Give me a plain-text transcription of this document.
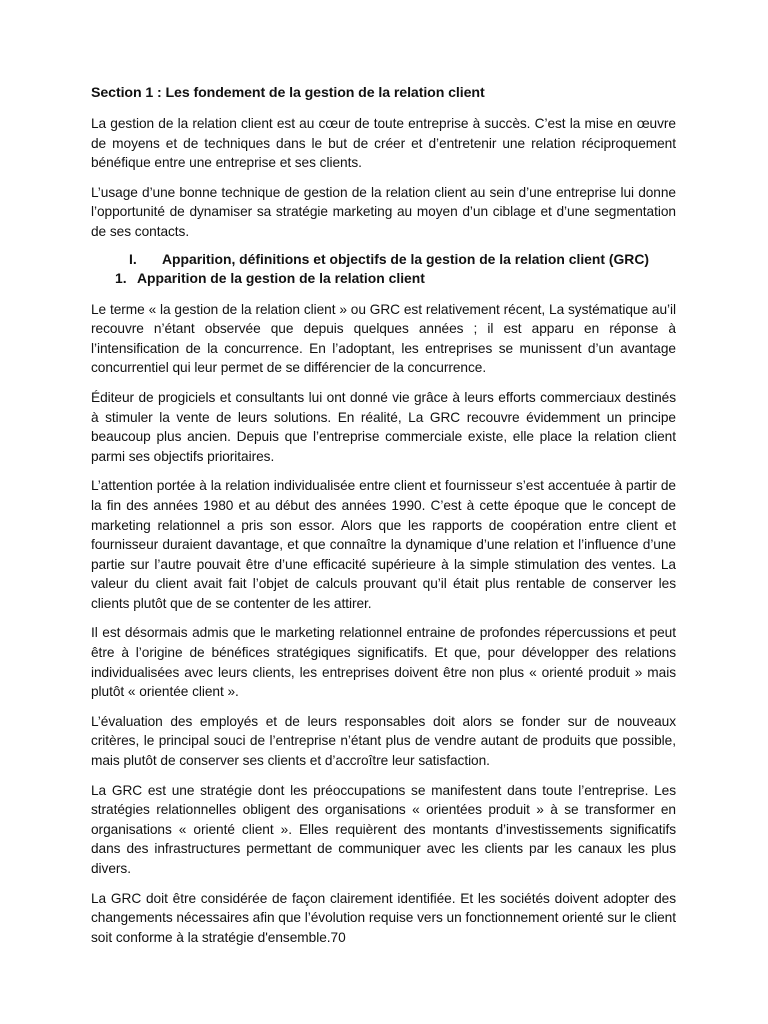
Section 1 : Les fondement de la gestion de la relation client

La gestion de la relation client est au cœur de toute entreprise à succès. C’est la mise en œuvre de moyens et de techniques dans le but de créer et d’entretenir une relation réciproquement bénéfique entre une entreprise et ses clients.

L’usage d’une bonne technique de gestion de la relation client au sein d’une entreprise lui donne l’opportunité de dynamiser sa stratégie marketing au moyen d’un ciblage et d’une segmentation de ses contacts.

I. Apparition, définitions et objectifs de la gestion de la relation client (GRC)

1. Apparition de la gestion de la relation client

Le terme « la gestion de la relation client » ou GRC est relativement récent, La systématique au’il recouvre n’étant observée que depuis quelques années ; il est apparu en réponse à l’intensification de la concurrence. En l’adoptant, les entreprises se munissent d’un avantage concurrentiel qui leur permet de se différencier de la concurrence.

Éditeur de progiciels et consultants lui ont donné vie grâce à leurs efforts commerciaux destinés à stimuler la vente de leurs solutions. En réalité, La GRC recouvre évidemment un principe beaucoup plus ancien. Depuis que l’entreprise commerciale existe, elle place la relation client parmi ses objectifs prioritaires.

L’attention portée à la relation individualisée entre client et fournisseur s’est accentuée à partir de la fin des années 1980 et au début des années 1990. C’est à cette époque que le concept de marketing relationnel a pris son essor. Alors que les rapports de coopération entre client et fournisseur duraient davantage, et que connaître la dynamique d’une relation et l’influence d’une partie sur l’autre pouvait être d’une efficacité supérieure à la simple stimulation des ventes. La valeur du client avait fait l’objet de calculs prouvant qu’il était plus rentable de conserver les clients plutôt que de se contenter de les attirer.

Il est désormais admis que le marketing relationnel entraine de profondes répercussions et peut être à l’origine de bénéfices stratégiques significatifs. Et que, pour développer des relations individualisées avec leurs clients, les entreprises doivent être non plus « orienté produit » mais plutôt « orientée client ».

L’évaluation des employés et de leurs responsables doit alors se fonder sur de nouveaux critères, le principal souci de l’entreprise n’étant plus de vendre autant de produits que possible, mais plutôt de conserver ses clients et d’accroître leur satisfaction.

La GRC est une stratégie dont les préoccupations se manifestent dans toute l’entreprise. Les stratégies relationnelles obligent des organisations « orientées produit » à se transformer en organisations « orienté client ». Elles requièrent des montants d’investissements significatifs dans des infrastructures permettant de communiquer avec les clients par les canaux les plus divers.

La GRC doit être considérée de façon clairement identifiée. Et les sociétés doivent adopter des changements nécessaires afin que l’évolution requise vers un fonctionnement orienté sur le client soit conforme à la stratégie d'ensemble.70
